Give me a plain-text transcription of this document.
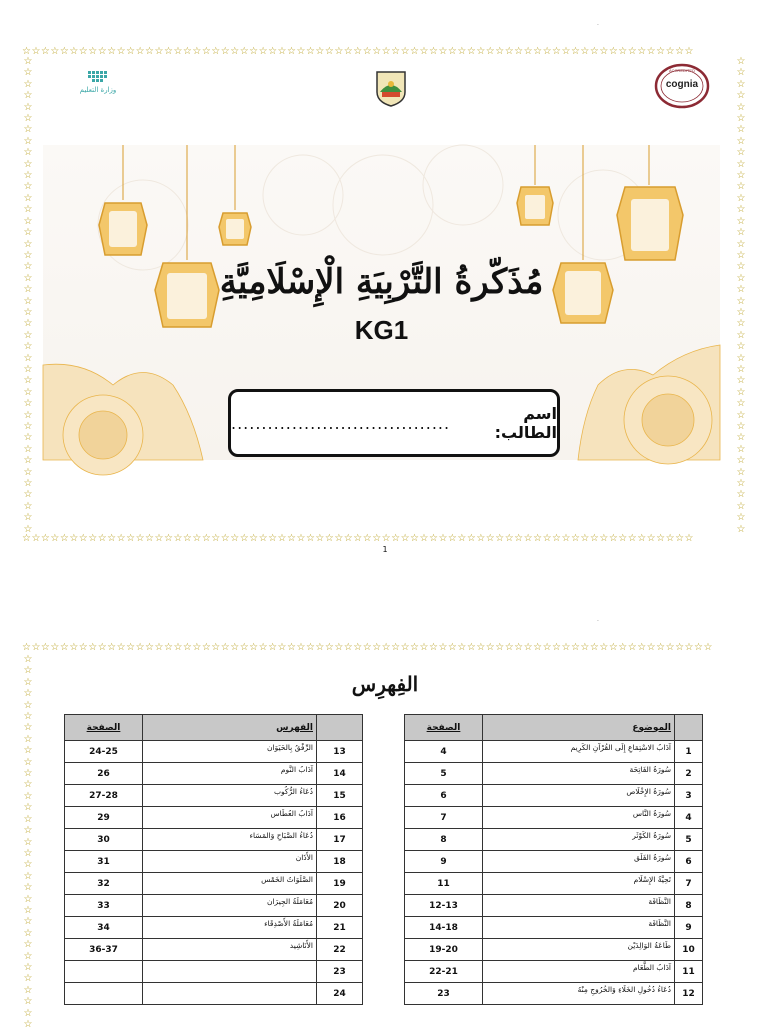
·
☆☆☆☆☆☆☆☆☆☆☆☆☆☆☆☆☆☆☆☆☆☆☆☆☆☆☆☆☆☆☆☆☆☆☆☆☆☆☆☆☆☆☆☆☆☆☆☆☆☆☆☆☆☆☆☆☆☆☆☆☆☆☆☆☆☆☆☆☆☆☆
☆☆☆☆☆☆☆☆☆☆☆☆☆☆☆☆☆☆☆☆☆☆☆☆☆☆☆☆☆☆☆☆☆☆☆☆☆☆☆☆☆☆☆☆☆☆☆☆☆☆☆☆☆☆☆☆☆☆☆☆☆☆☆☆☆☆☆☆☆☆☆
☆☆☆☆☆☆☆☆☆☆☆☆☆☆☆☆☆☆☆☆☆☆☆☆☆☆☆☆☆☆☆☆☆☆☆☆☆☆☆☆☆☆
☆☆☆☆☆☆☆☆☆☆☆☆☆☆☆☆☆☆☆☆☆☆☆☆☆☆☆☆☆☆☆☆☆☆☆☆☆☆☆☆☆☆
وزارة التعليم
ACCREDITED
cognia
مُذَكّرةُ التَّرْبِيَةِ الْإِسْلَامِيَّةِ
KG1
اسم الطالب:
....................................
1
·
☆☆☆☆☆☆☆☆☆☆☆☆☆☆☆☆☆☆☆☆☆☆☆☆☆☆☆☆☆☆☆☆☆☆☆☆☆☆☆☆☆☆☆☆☆☆☆☆☆☆☆☆☆☆☆☆☆☆☆☆☆☆☆☆☆☆☆☆☆☆☆☆☆
☆☆☆☆☆☆☆☆☆☆☆☆☆☆☆☆☆☆☆☆☆☆☆☆☆☆☆☆☆☆☆☆☆
الفِهرِس
الصفحة	الموضوع	
4	آدَابُ الاسْتِمَاعِ إِلَى القُرْآنِ الكَرِيم	1
5	سُورَةُ الفَاتِحَة	2
6	سُورَةُ الإِخْلَاص	3
7	سُورَةُ النَّاس	4
8	سُورَةُ الكَوْثَر	5
9	سُورَةُ الفَلَق	6
11	تَحِيَّةُ الإِسْلَام	7
12-13	النَّظَافَة	8
14-18	النَّظَافَة	9
19-20	طَاعَةُ الوَالِدَيْن	10
22-21	آدَابُ الطَّعَام	11
23	دُعَاءُ دُخُولِ الخَلَاءِ وَالخُرُوجِ مِنْهُ	12
الصفحة	الفهرس	
24-25	الرِّفْقُ بِالحَيَوَان	13
26	آدَابُ النَّوم	14
27-28	دُعَاءُ الرُّكُوب	15
29	آدَابُ العُطَاس	16
30	دُعَاءُ الصَّبَاحِ وَالمَسَاء	17
31	الأَذَان	18
32	الصَّلَوَاتُ الخَمْس	19
33	مُعَامَلَةُ الجِيرَان	20
34	مُعَامَلَةُ الأَصْدِقَاء	21
36-37	الأَنَاشِيد	22
		23
		24
